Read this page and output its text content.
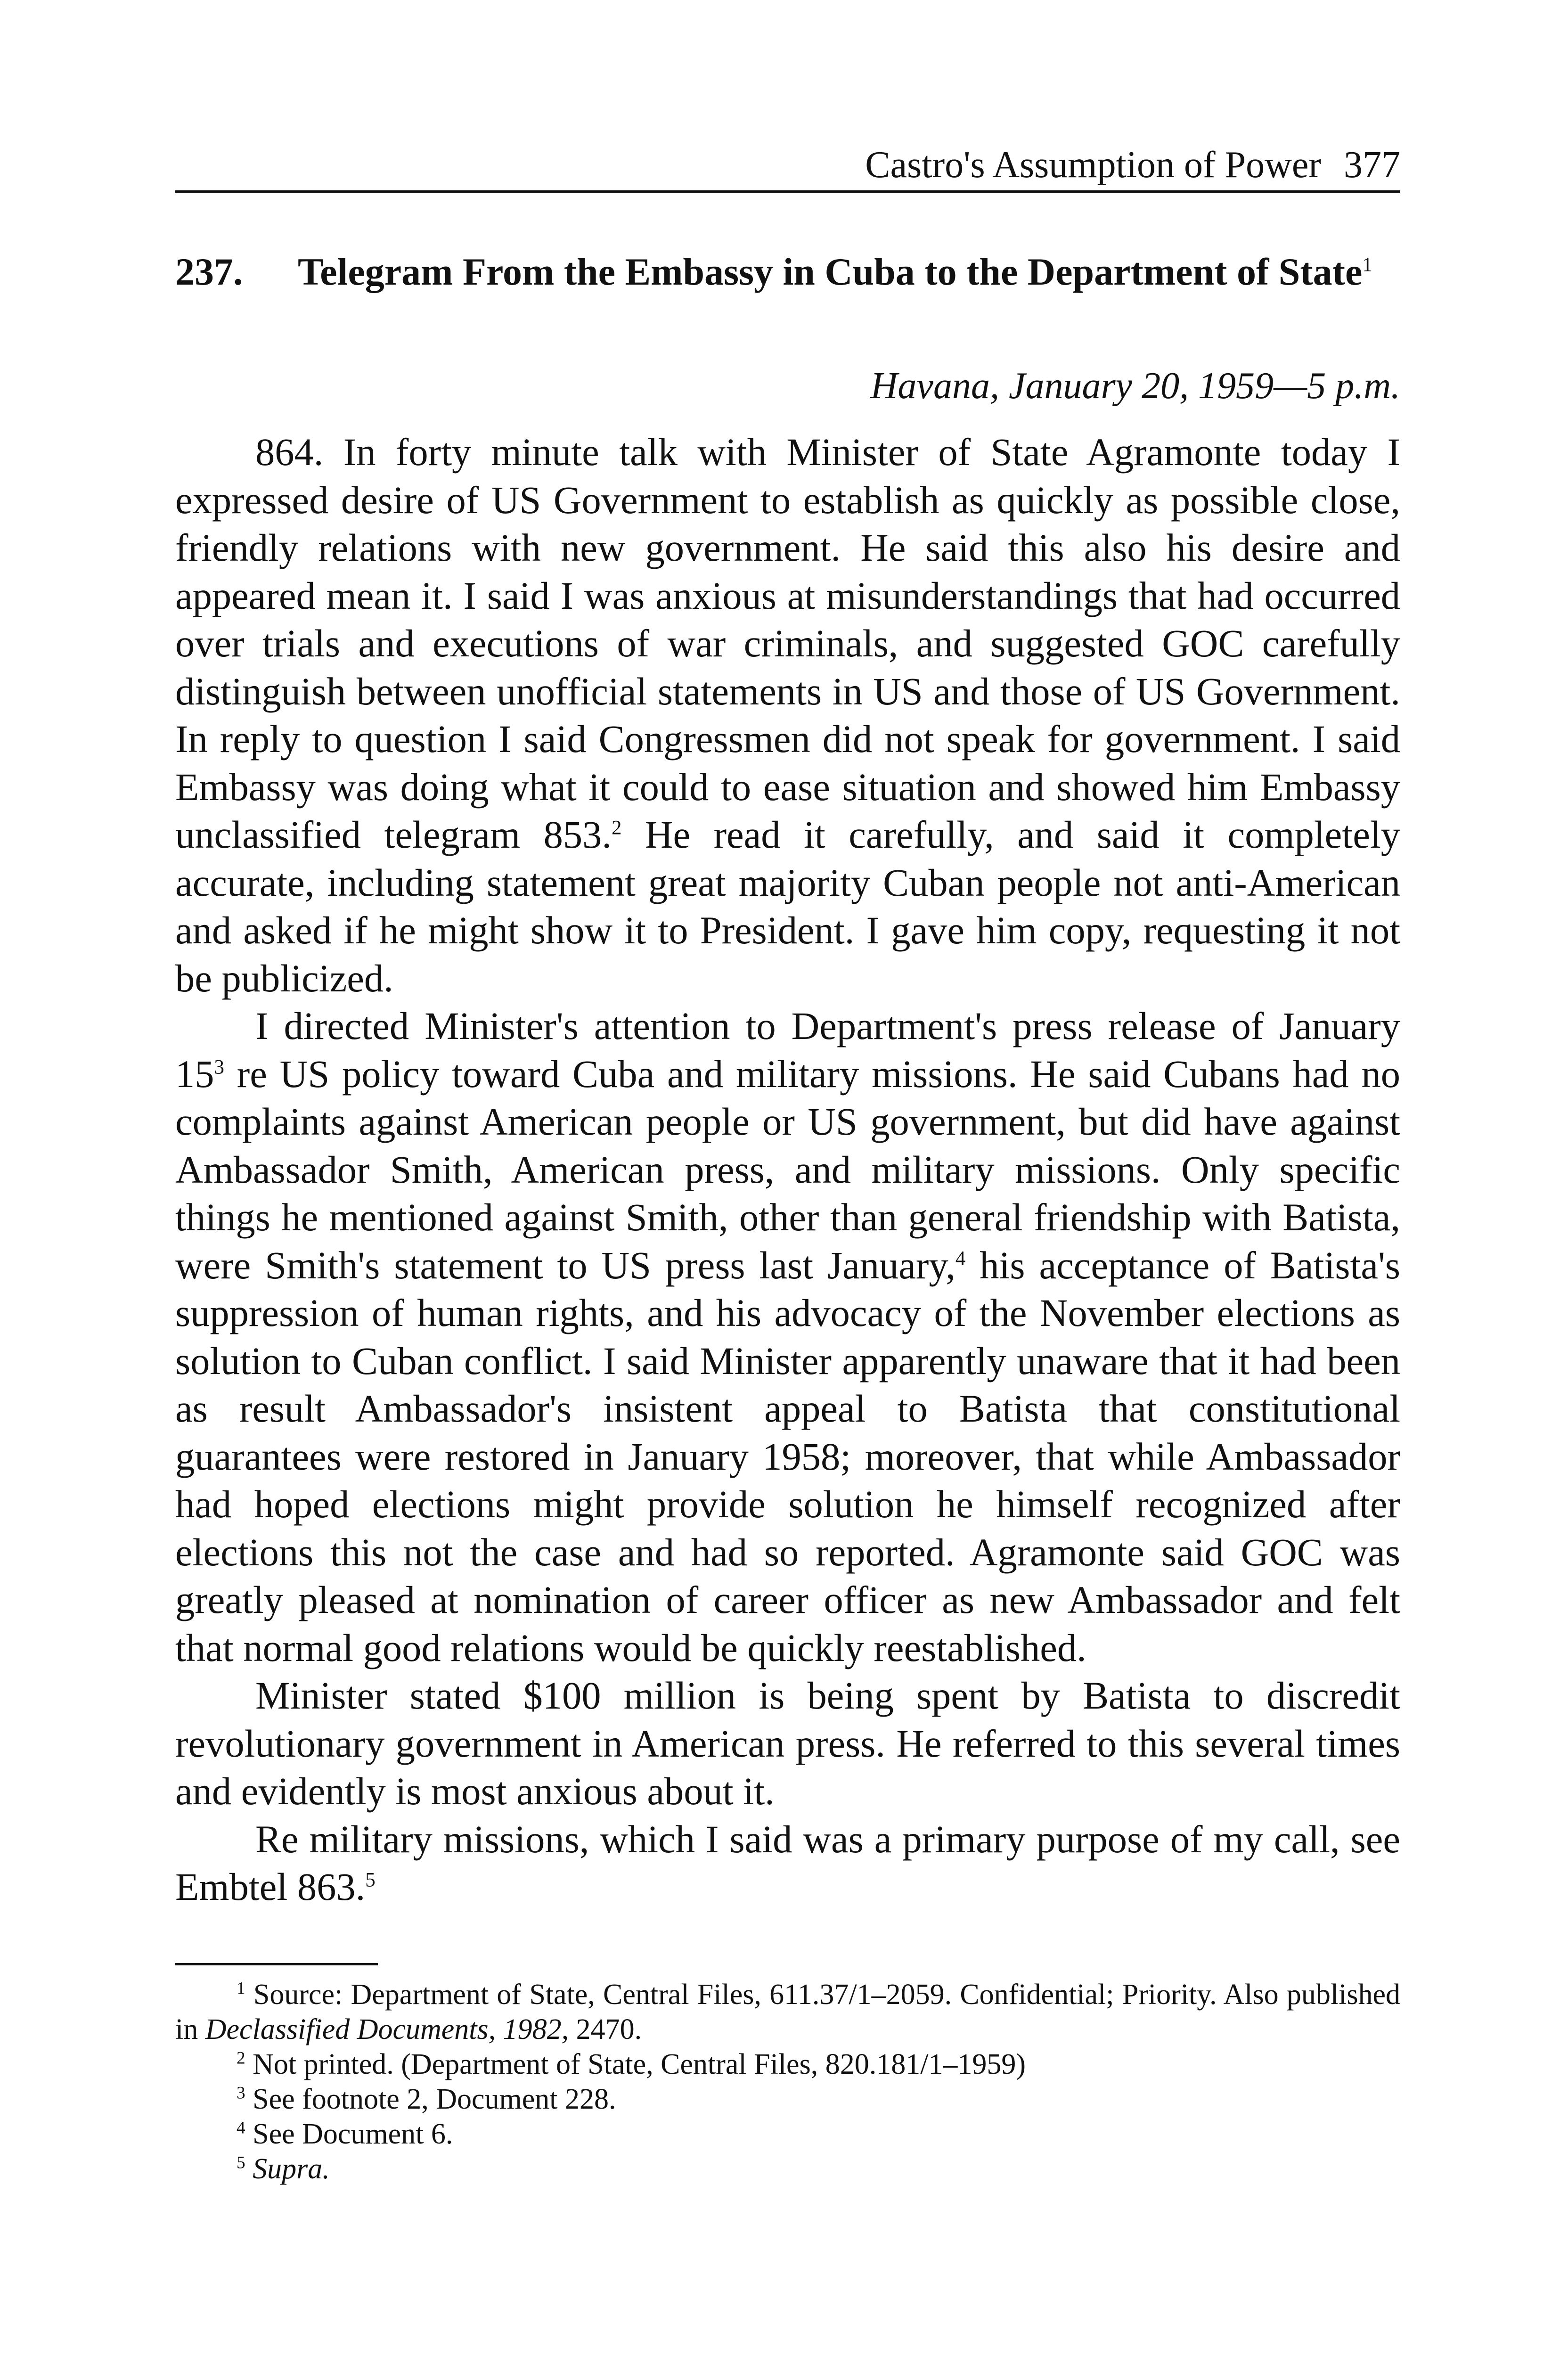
Castro's Assumption of Power 377
237.	Telegram From the Embassy in Cuba to the Department of State$^1$
Havana, January 20, 1959—5 p.m.

864. In forty minute talk with Minister of State Agramonte today I expressed desire of US Government to establish as quickly as possible close, friendly relations with new government. He said this also his desire and appeared mean it. I said I was anxious at misunderstandings that had occurred over trials and executions of war criminals, and suggested GOC carefully distinguish between unofficial statements in US and those of US Government. In reply to question I said Congressmen did not speak for government. I said Embassy was doing what it could to ease situation and showed him Embassy unclassified telegram 853.$^2$ He read it carefully, and said it completely accurate, including statement great majority Cuban people not anti-American and asked if he might show it to President. I gave him copy, requesting it not be publicized.

I directed Minister's attention to Department's press release of January $15^3$ re US policy toward Cuba and military missions. He said Cubans had no complaints against American people or US government, but did have against Ambassador Smith, American press, and military missions. Only specific things he mentioned against Smith, other than general friendship with Batista, were Smith's statement to US press last January,$^4$ his acceptance of Batista's suppression of human rights, and his advocacy of the November elections as solution to Cuban conflict. I said Minister apparently unaware that it had been as result Ambassador's insistent appeal to Batista that constitutional guarantees were restored in January 1958; moreover, that while Ambassador had hoped elections might provide solution he himself recognized after elections this not the case and had so reported. Agramonte said GOC was greatly pleased at nomination of career officer as new Ambassador and felt that normal good relations would be quickly reestablished.

Minister stated $100 million is being spent by Batista to discredit revolutionary government in American press. He referred to this several times and evidently is most anxious about it.

Re military missions, which I said was a primary purpose of my call, see Embtel 863.$^5$

$^1$ Source: Department of State, Central Files, 611.37/1–2059. Confidential; Priority. Also published in Declassified Documents, 1982, 2470.

$^2$ Not printed. (Department of State, Central Files, 820.181/1–1959)

$^3$ See footnote 2, Document 228.

$^4$ See Document 6.

$^5$ Supra.
